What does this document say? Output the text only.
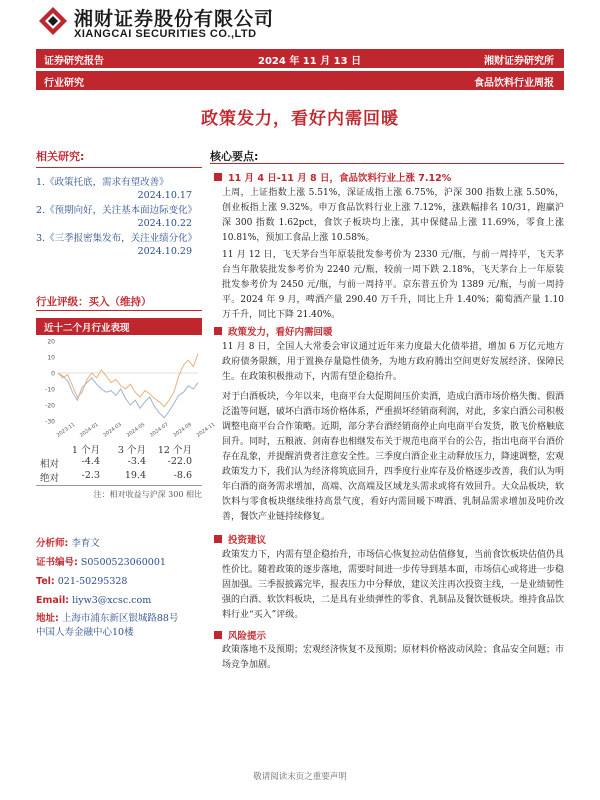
湘财证券股份有限公司
XIANGCAI SECURITIES CO.,LTD
证券研究报告	2024 年 11 月 13 日	湘财证券研究所
行业研究	食品饮料行业周报
政策发力，看好内需回暖
相关研究:
1.《政策托底，需求有望改善》
2024.10.17
2.《预期向好，关注基本面边际变化》
2024.10.22
3.《三季报密集发布，关注业绩分化》
2024.10.29
行业评级：买入（维持）
近十二个月行业表现
20
10
0
-10
-20
-30 2023-11 2024-01 2024-03 2024-05 2024-07 2024-09 2024-11
1 个月	3 个月	12 个月
相对	-4.4	-3.4	-22.0
绝对	-2.3	19.4	-8.6
注：相对收益与沪深 300 相比
分析师: 李育文
证书编号: S0500523060001
Tel: 021-50295328
Email: liyw3@xcsc.com
地址: 上海市浦东新区银城路88号
中国人寿金融中心10楼
核心要点:
11 月 4 日-11 月 8 日，食品饮料行业上涨 7.12%
上周，上证指数上涨 5.51%，深证成指上涨 6.75%，沪深 300 指数上涨 5.50%，创业板指上涨 9.32%。申万食品饮料行业上涨 7.12%，涨跌幅排名 10/31，跑赢沪深 300 指数 1.62pct，食饮子板块均上涨，其中保健品上涨 11.69%，零食上涨 10.81%，预加工食品上涨 10.58%。
11 月 12 日，飞天茅台当年原装批发参考价为 2330 元/瓶，与前一周持平，飞天茅台当年散装批发参考价为 2240 元/瓶，较前一周下跌 2.18%，飞天茅台上一年原装批发参考价为 2450 元/瓶，与前一周持平。京东普五价为 1389 元/瓶，与前一周持平。2024 年 9 月，啤酒产量 290.40 万千升，同比上升 1.40%；葡萄酒产量 1.10 万千升，同比下降 21.40%。
政策发力，看好内需回暖
11 月 8 日，全国人大常委会审议通过近年来力度最大化债举措，增加 6 万亿元地方政府债务限额，用于置换存量隐性债务，为地方政府腾出空间更好发展经济、保障民生。在政策积极推动下，内需有望企稳抬升。
对于白酒板块，今年以来，电商平台大促期间压价卖酒，造成白酒市场价格失衡、假酒泛滥等问题，破坏白酒市场价格体系，严重损坏经销商利润，对此，多家白酒公司积极调整电商平台合作策略。近期，部分茅台酒经销商停止向电商平台发货，散飞价格触底回升。同时，五粮液、剑南春也相继发布关于规范电商平台的公告，指出电商平台酒价存在乱象，并提醒消费者注意安全性。三季度白酒企业主动释放压力，降速调整，宏观政策发力下，我们认为经济将筑底回升，四季度行业库存及价格逐步改善，我们认为明年白酒的商务需求增加，高端、次高端及区域龙头需求或将有效回升。大众品板块，软饮料与零食板块继续维持高景气度，看好内需回暖下啤酒、乳制品需求增加及吨价改善，餐饮产业链持续修复。
投资建议
政策发力下，内需有望企稳抬升，市场信心恢复拉动估值修复，当前食饮板块估值仍具性价比。随着政策的逐步落地，需要时间进一步传导到基本面，市场信心或将进一步稳固加强。三季报披露完毕，报表压力中分释放，建议关注再次投资主线，一是业绩韧性强的白酒、软饮料板块，二是具有业绩弹性的零食、乳制品及餐饮链板块。维持食品饮料行业“买入”评级。
风险提示
政策落地不及预期；宏观经济恢复不及预期；原材料价格波动风险；食品安全问题；市场竞争加剧。
敬请阅读末页之重要声明
